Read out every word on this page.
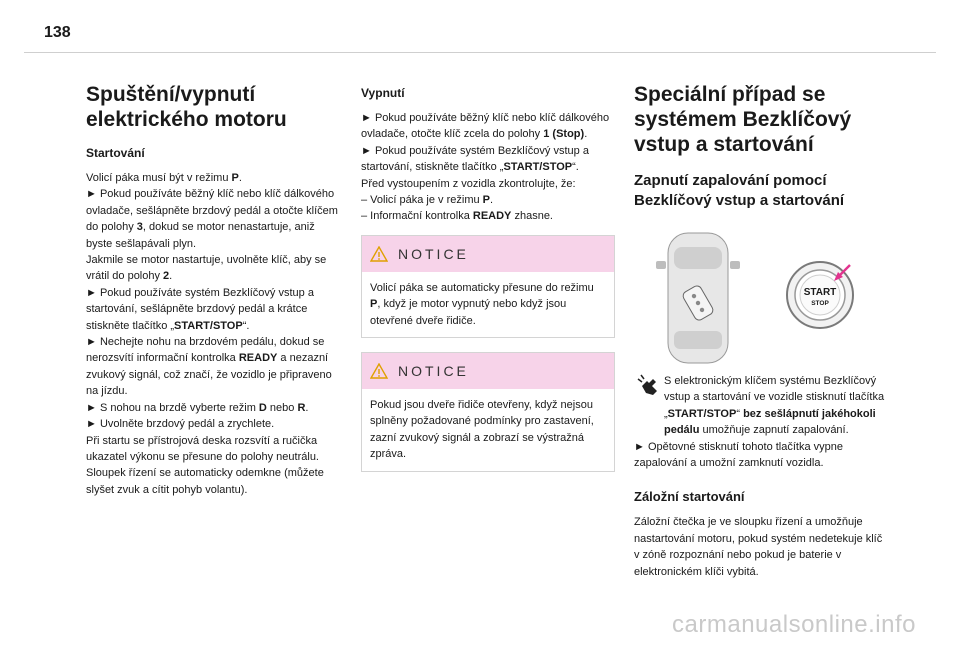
138
Spuštění/vypnutí elektrického motoru
Startování

Volicí páka musí být v režimu P.

► Pokud používáte běžný klíč nebo klíč dálkového ovladače, sešlápněte brzdový pedál a otočte klíčem do polohy 3, dokud se motor nenastartuje, aniž byste sešlapávali plyn.

Jakmile se motor nastartuje, uvolněte klíč, aby se vrátil do polohy 2.

► Pokud používáte systém Bezklíčový vstup a startování, sešlápněte brzdový pedál a krátce stiskněte tlačítko „START/STOP“.

► Nechejte nohu na brzdovém pedálu, dokud se nerozsvítí informační kontrolka READY a nezazní zvukový signál, což značí, že vozidlo je připraveno na jízdu.

► S nohou na brzdě vyberte režim D nebo R.

► Uvolněte brzdový pedál a zrychlete.

Při startu se přístrojová deska rozsvítí a ručička ukazatel výkonu se přesune do polohy neutrálu. Sloupek řízení se automaticky odemkne (můžete slyšet zvuk a cítit pohyb volantu).

Vypnutí

► Pokud používáte běžný klíč nebo klíč dálkového ovladače, otočte klíč zcela do polohy 1 (Stop).

► Pokud používáte systém Bezklíčový vstup a startování, stiskněte tlačítko „START/STOP“.

Před vystoupením z vozidla zkontrolujte, že:

– Volicí páka je v režimu P.

– Informační kontrolka READY zhasne.

NOTICE
Volicí páka se automaticky přesune do režimu P, když je motor vypnutý nebo když jsou otevřené dveře řidiče.
NOTICE
Pokud jsou dveře řidiče otevřeny, když nejsou splněny požadované podmínky pro zastavení, zazní zvukový signál a zobrazí se výstražná zpráva.
Speciální případ se systémem Bezklíčový vstup a startování
Zapnutí zapalování pomocí Bezklíčový vstup a startování
START
STOP

S elektronickým klíčem systému Bezklíčový vstup a startování ve vozidle stisknutí tlačítka „START/STOP“ bez sešlápnutí jakéhokoli pedálu umožňuje zapnutí zapalování.

► Opětovné stisknutí tohoto tlačítka vypne zapalování a umožní zamknutí vozidla.

Záložní startování

Záložní čtečka je ve sloupku řízení a umožňuje nastartování motoru, pokud systém nedetekuje klíč v zóně rozpoznání nebo pokud je baterie v elektronickém klíči vybitá.

carmanualsonline.info
